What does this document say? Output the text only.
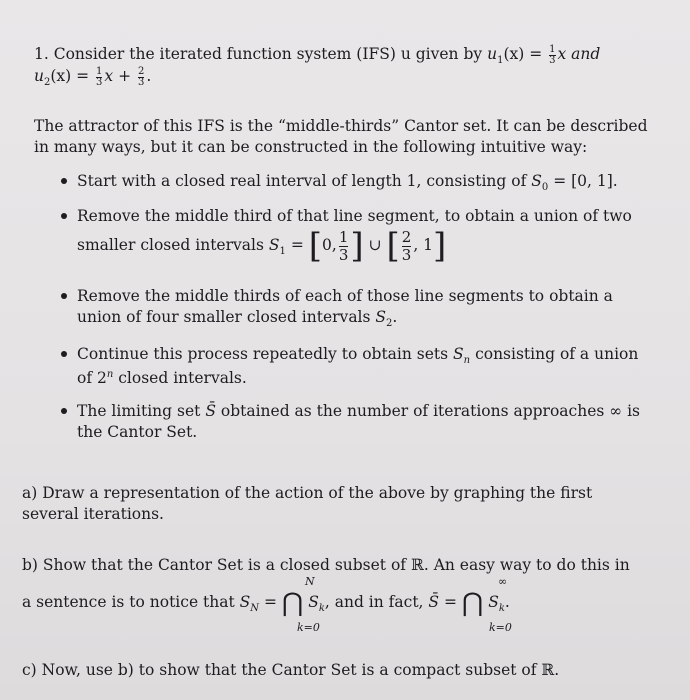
1. Consider the iterated function system (IFS) u given by $u_1(x) = \frac{1}{3}$ x and
$u_2(x) = \frac{1}{3}$ $x + \frac{2}{3}$ .
The attractor of this IFS is the “middle-thirds” Cantor set. It can be described
in many ways, but it can be constructed in the following intuitive way:
Start with a closed real interval of length 1, consisting of $S_0 = [0$, 1].
Remove the middle third of that line segment, to obtain a union of two
smaller closed intervals $S_1 = [0$, $\frac{1}{3}$ ] ∪ [ $\frac{2}{3}$ , 1]
Remove the middle thirds of each of those line segments to obtain a
union of four smaller closed intervals $S_2$.
Continue this process repeatedly to obtain sets $S_n$ consisting of a union
of 2$^n$ closed intervals.
The limiting set S̄ obtained as the number of iterations approaches ∞ is
the Cantor Set.
a) Draw a representation of the action of the above by graphing the first
several iterations.
b) Show that the Cantor Set is a closed subset of ℝ. An easy way to do this in
N	∞
a sentence is to notice that $S_N$ = ⋂ $S_k$, and in fact, S̄ = ⋂ $S_k$.
k=0	k=0
c) Now, use b) to show that the Cantor Set is a compact subset of ℝ.
